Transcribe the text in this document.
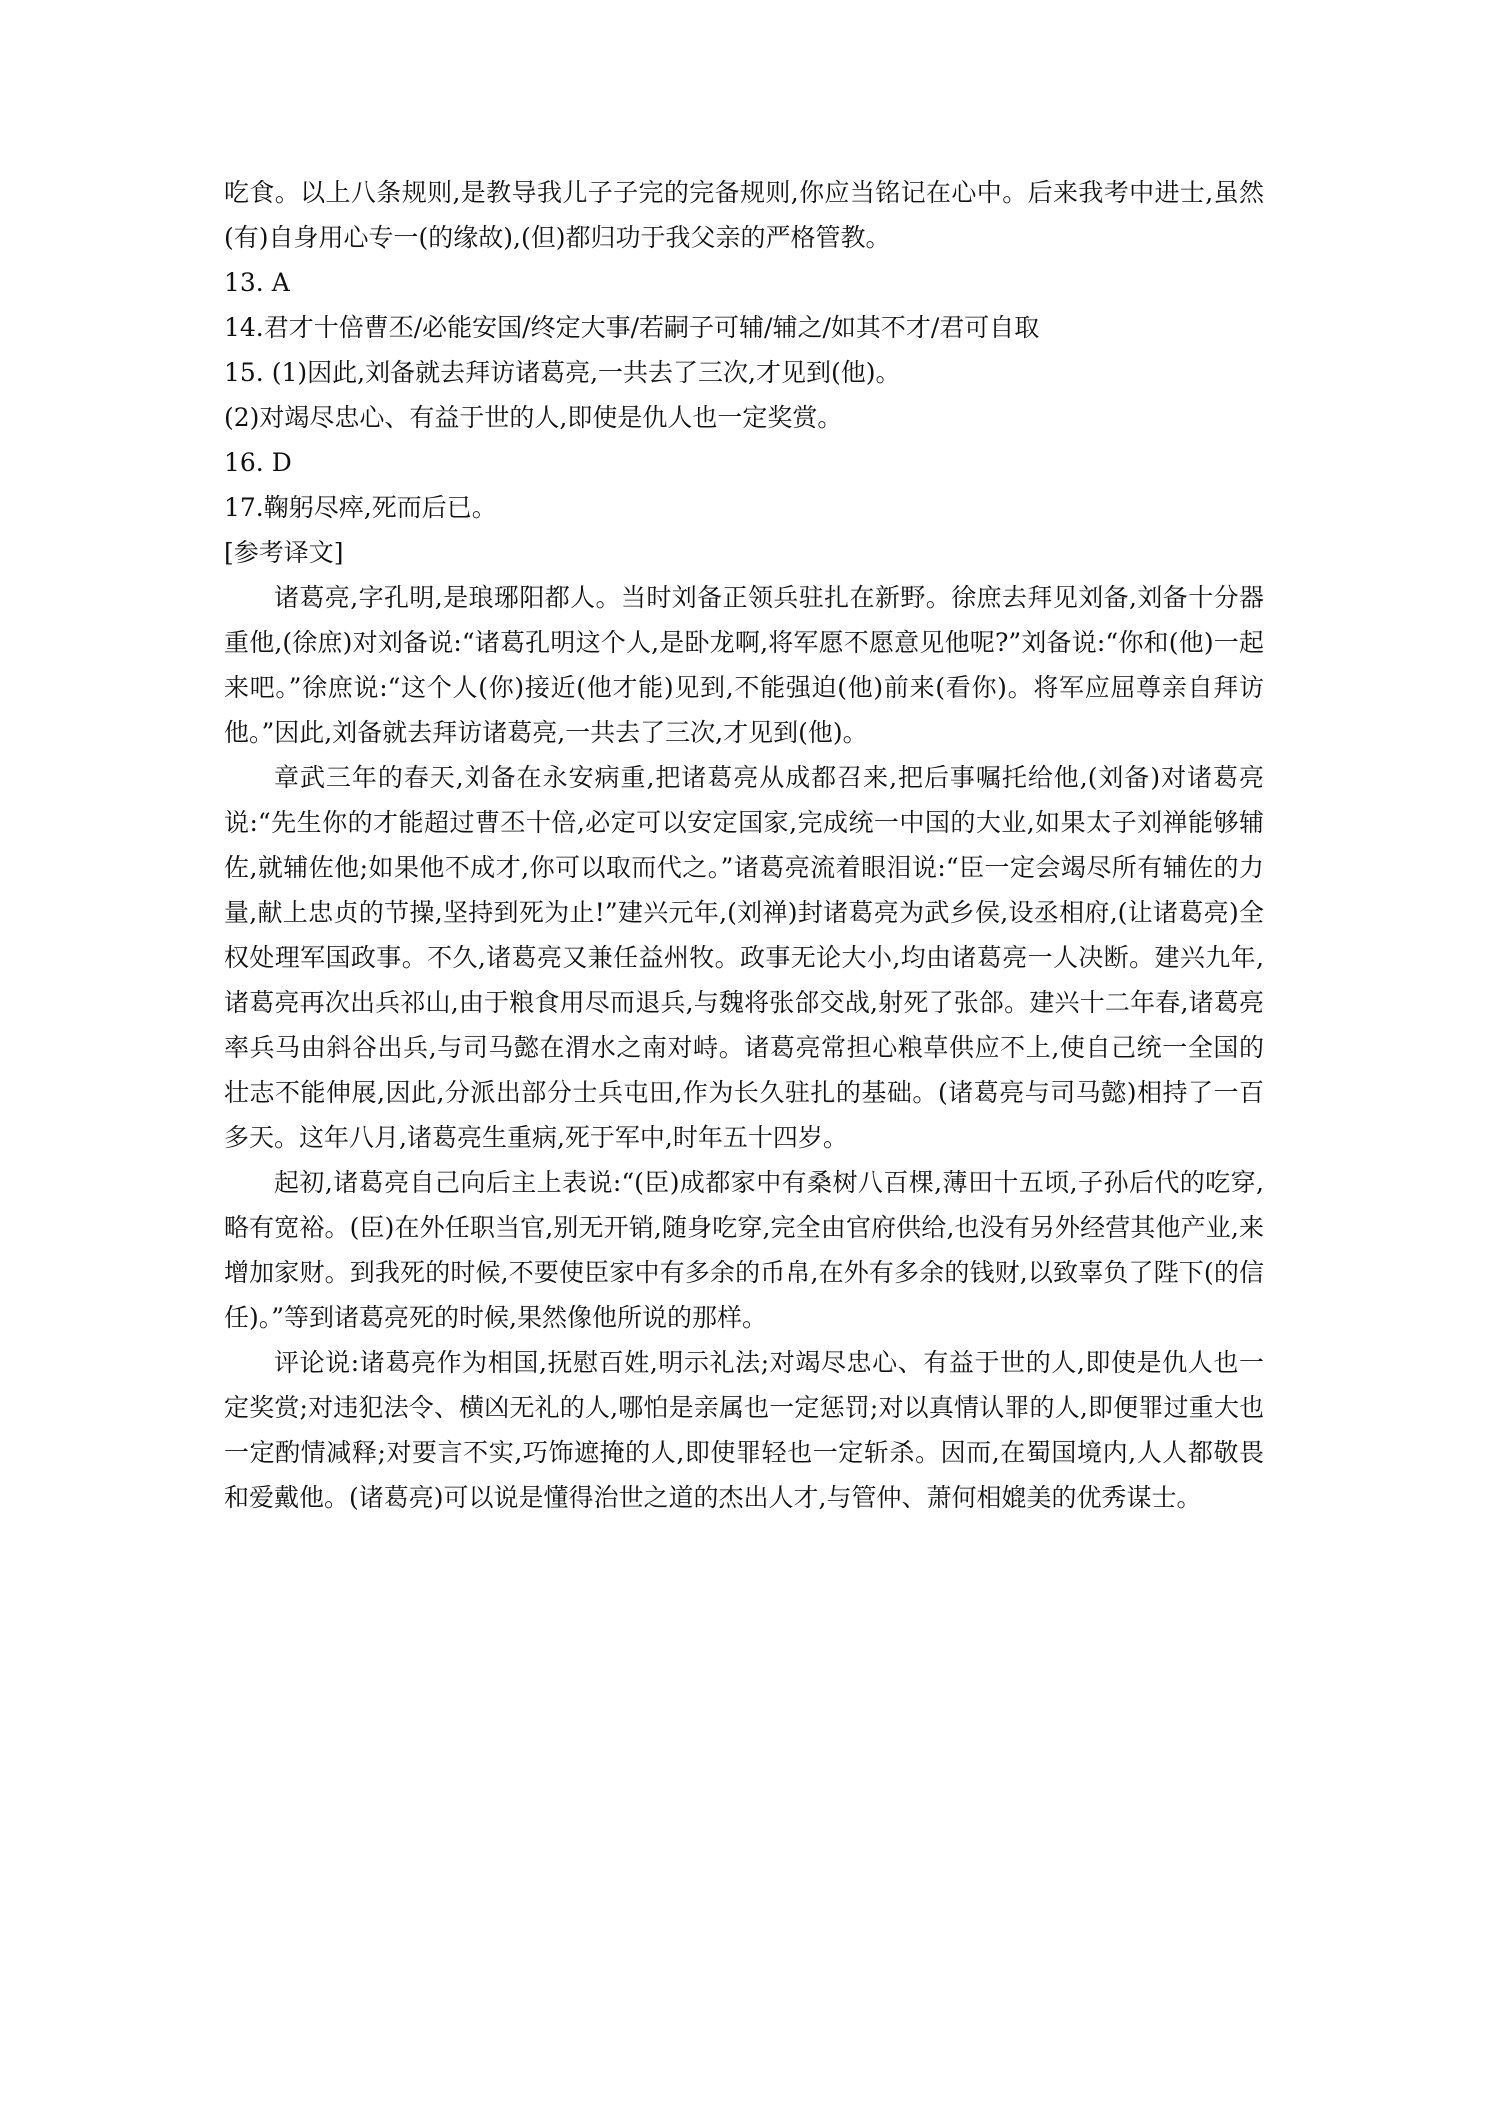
吃食。以上八条规则,是教导我儿子子完的完备规则,你应当铭记在心中。后来我考中进士,虽然(有)自身用心专一(的缘故),(但)都归功于我父亲的严格管教。

13. A

14.君才十倍曹丕/必能安国/终定大事/若嗣子可辅/辅之/如其不才/君可自取

15. (1)因此,刘备就去拜访诸葛亮,一共去了三次,才见到(他)。

(2)对竭尽忠心、有益于世的人,即使是仇人也一定奖赏。

16. D

17.鞠躬尽瘁,死而后已。

[参考译文]

诸葛亮,字孔明,是琅琊阳都人。当时刘备正领兵驻扎在新野。徐庶去拜见刘备,刘备十分器重他,(徐庶)对刘备说:“诸葛孔明这个人,是卧龙啊,将军愿不愿意见他呢?”刘备说:“你和(他)一起来吧。”徐庶说:“这个人(你)接近(他才能)见到,不能强迫(他)前来(看你)。将军应屈尊亲自拜访他。”因此,刘备就去拜访诸葛亮,一共去了三次,才见到(他)。

章武三年的春天,刘备在永安病重,把诸葛亮从成都召来,把后事嘱托给他,(刘备)对诸葛亮说:“先生你的才能超过曹丕十倍,必定可以安定国家,完成统一中国的大业,如果太子刘禅能够辅佐,就辅佐他;如果他不成才,你可以取而代之。”诸葛亮流着眼泪说:“臣一定会竭尽所有辅佐的力量,献上忠贞的节操,坚持到死为止!”建兴元年,(刘禅)封诸葛亮为武乡侯,设丞相府,(让诸葛亮)全权处理军国政事。不久,诸葛亮又兼任益州牧。政事无论大小,均由诸葛亮一人决断。建兴九年,诸葛亮再次出兵祁山,由于粮食用尽而退兵,与魏将张郃交战,射死了张郃。建兴十二年春,诸葛亮率兵马由斜谷出兵,与司马懿在渭水之南对峙。诸葛亮常担心粮草供应不上,使自己统一全国的壮志不能伸展,因此,分派出部分士兵屯田,作为长久驻扎的基础。(诸葛亮与司马懿)相持了一百多天。这年八月,诸葛亮生重病,死于军中,时年五十四岁。

起初,诸葛亮自己向后主上表说:“(臣)成都家中有桑树八百棵,薄田十五顷,子孙后代的吃穿,略有宽裕。(臣)在外任职当官,别无开销,随身吃穿,完全由官府供给,也没有另外经营其他产业,来增加家财。到我死的时候,不要使臣家中有多余的币帛,在外有多余的钱财,以致辜负了陛下(的信任)。”等到诸葛亮死的时候,果然像他所说的那样。

评论说:诸葛亮作为相国,抚慰百姓,明示礼法;对竭尽忠心、有益于世的人,即使是仇人也一定奖赏;对违犯法令、横凶无礼的人,哪怕是亲属也一定惩罚;对以真情认罪的人,即便罪过重大也一定酌情减释;对要言不实,巧饰遮掩的人,即使罪轻也一定斩杀。因而,在蜀国境内,人人都敬畏和爱戴他。(诸葛亮)可以说是懂得治世之道的杰出人才,与管仲、萧何相媲美的优秀谋士。
